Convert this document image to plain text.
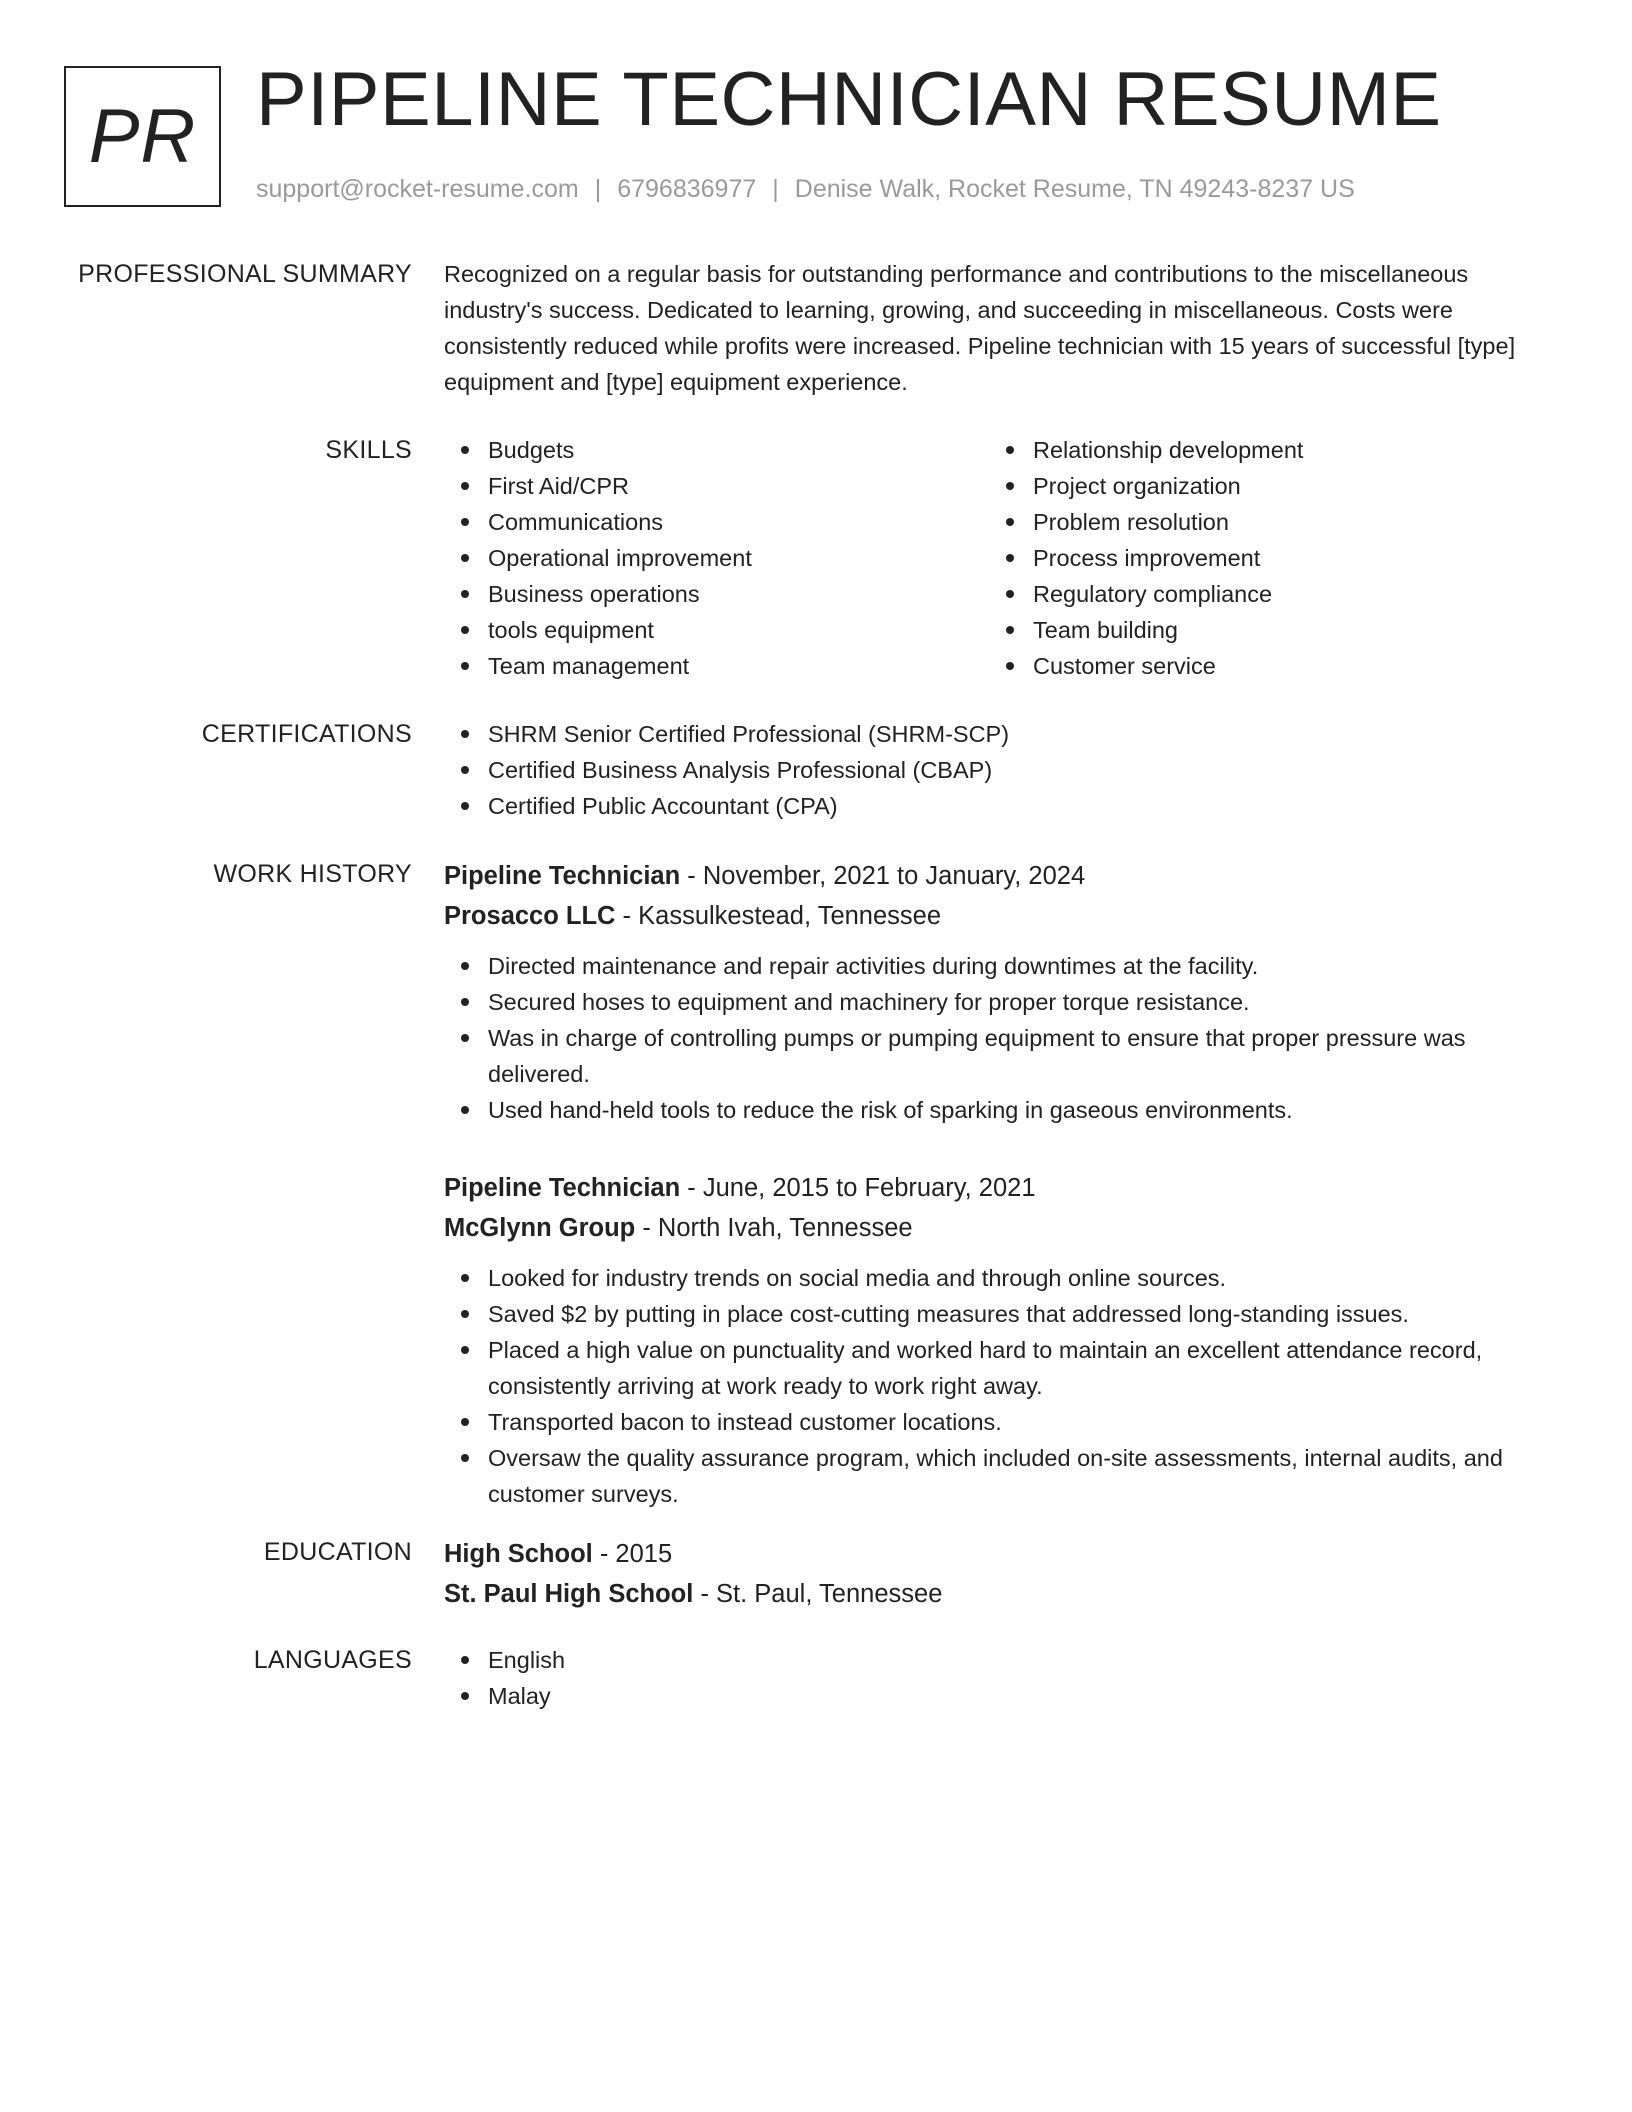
PR PIPELINE TECHNICIAN RESUME
support@rocket-resume.com | 6796836977 | Denise Walk, Rocket Resume, TN 49243-8237 US
PROFESSIONAL SUMMARY Recognized on a regular basis for outstanding performance and contributions to the miscellaneous industry's success. Dedicated to learning, growing, and succeeding in miscellaneous. Costs were consistently reduced while profits were increased. Pipeline technician with 15 years of successful [type] equipment and [type] equipment experience.

SKILLS	Budgets
First Aid/CPR
Communications
Operational improvement
Business operations
tools equipment
Team management
Relationship development
Project organization
Problem resolution
Process improvement
Regulatory compliance
Team building
Customer service
CERTIFICATIONS	SHRM Senior Certified Professional (SHRM-SCP)
Certified Business Analysis Professional (CBAP)
Certified Public Accountant (CPA)
WORK HISTORY Pipeline Technician - November, 2021 to January, 2024
Prosacco LLC - Kassulkestead, Tennessee
Directed maintenance and repair activities during downtimes at the facility.
Secured hoses to equipment and machinery for proper torque resistance.
Was in charge of controlling pumps or pumping equipment to ensure that proper pressure was delivered.
Used hand-held tools to reduce the risk of sparking in gaseous environments.
Pipeline Technician - June, 2015 to February, 2021
McGlynn Group - North Ivah, Tennessee
Looked for industry trends on social media and through online sources.
Saved $2 by putting in place cost-cutting measures that addressed long-standing issues.
Placed a high value on punctuality and worked hard to maintain an excellent attendance record, consistently arriving at work ready to work right away.
Transported bacon to instead customer locations.
Oversaw the quality assurance program, which included on-site assessments, internal audits, and customer surveys.
EDUCATION High School - 2015
St. Paul High School - St. Paul, Tennessee
LANGUAGES	English
Malay
